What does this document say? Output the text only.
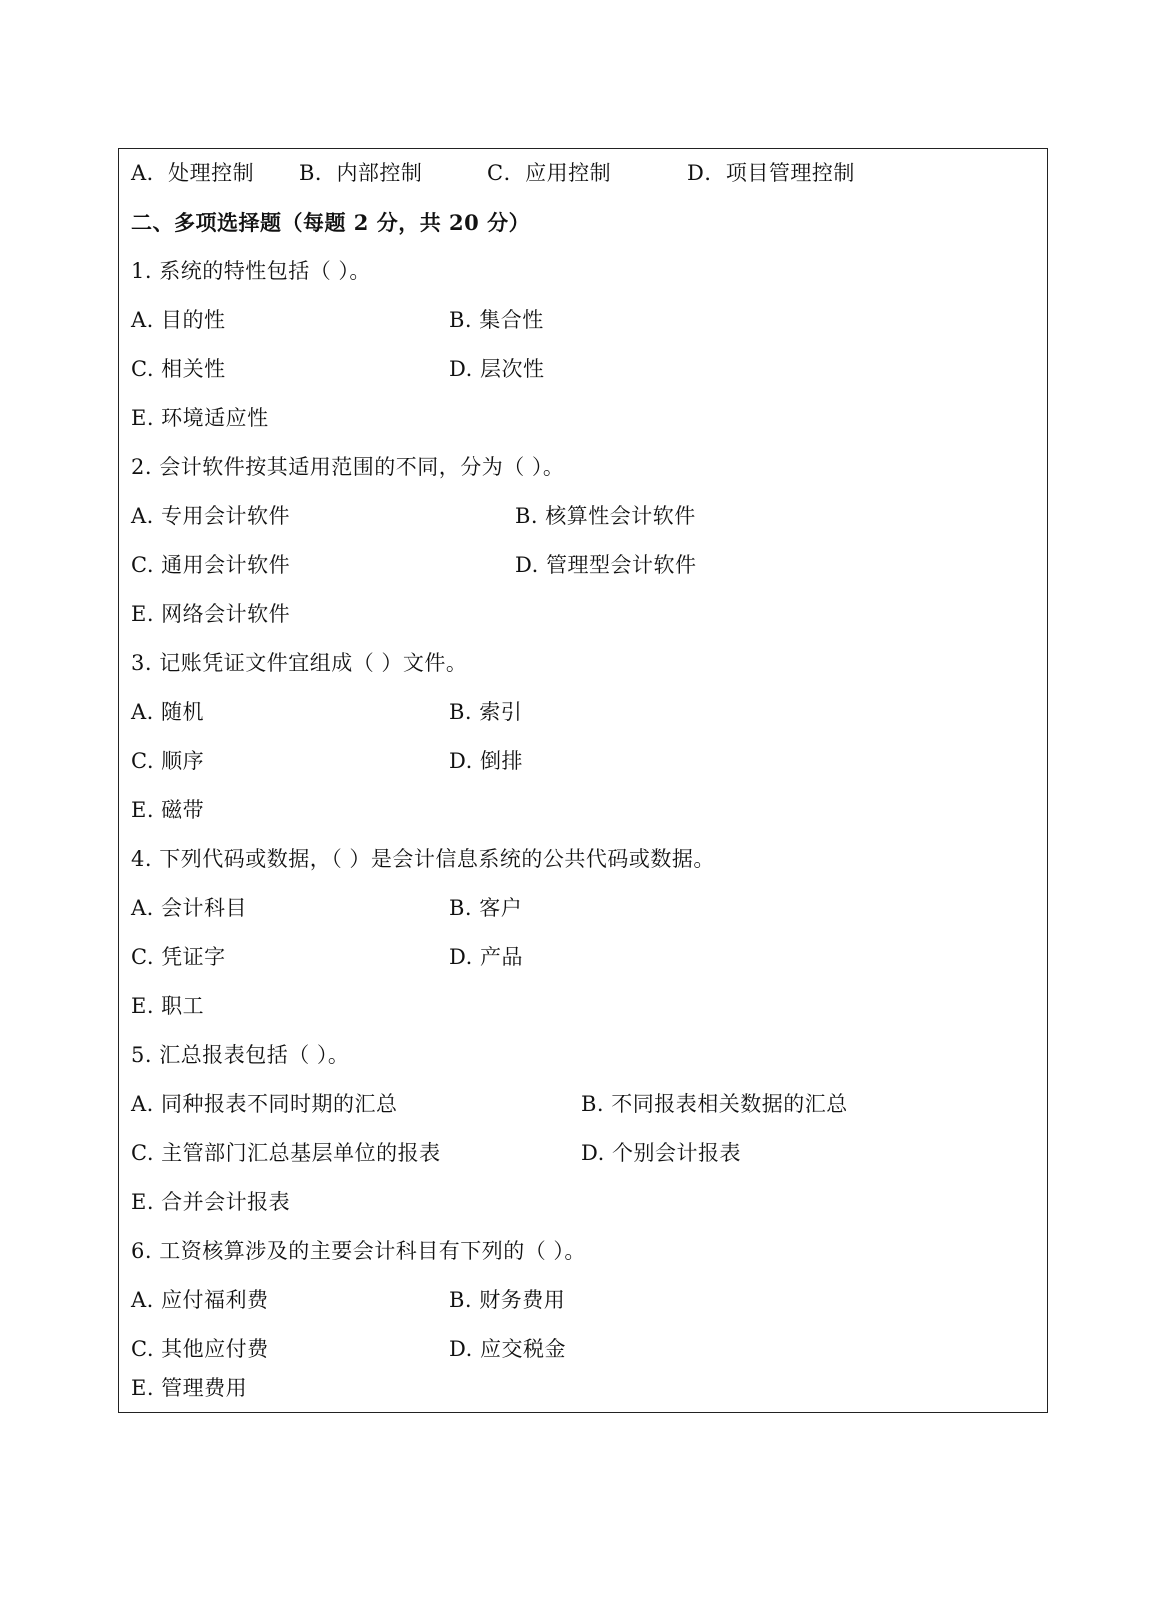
A．处理控制 B．内部控制	C．应用控制	D．项目管理控制
二、多项选择题（每题 2 分，共 20 分）
1. 系统的特性包括（ ）。
A. 目的性	B. 集合性
C. 相关性	D. 层次性
E. 环境适应性
2. 会计软件按其适用范围的不同，分为（ ）。
A. 专用会计软件	B. 核算性会计软件
C. 通用会计软件	D. 管理型会计软件
E. 网络会计软件
3. 记账凭证文件宜组成（ ）文件。
A. 随机	B. 索引
C. 顺序	D. 倒排
E. 磁带
4. 下列代码或数据，（ ）是会计信息系统的公共代码或数据。
A. 会计科目	B. 客户
C. 凭证字	D. 产品
E. 职工
5. 汇总报表包括（ ）。
A. 同种报表不同时期的汇总	B. 不同报表相关数据的汇总
C. 主管部门汇总基层单位的报表	D. 个别会计报表
E. 合并会计报表
6. 工资核算涉及的主要会计科目有下列的（ ）。
A. 应付福利费	B. 财务费用
C. 其他应付费	D. 应交税金
E. 管理费用
